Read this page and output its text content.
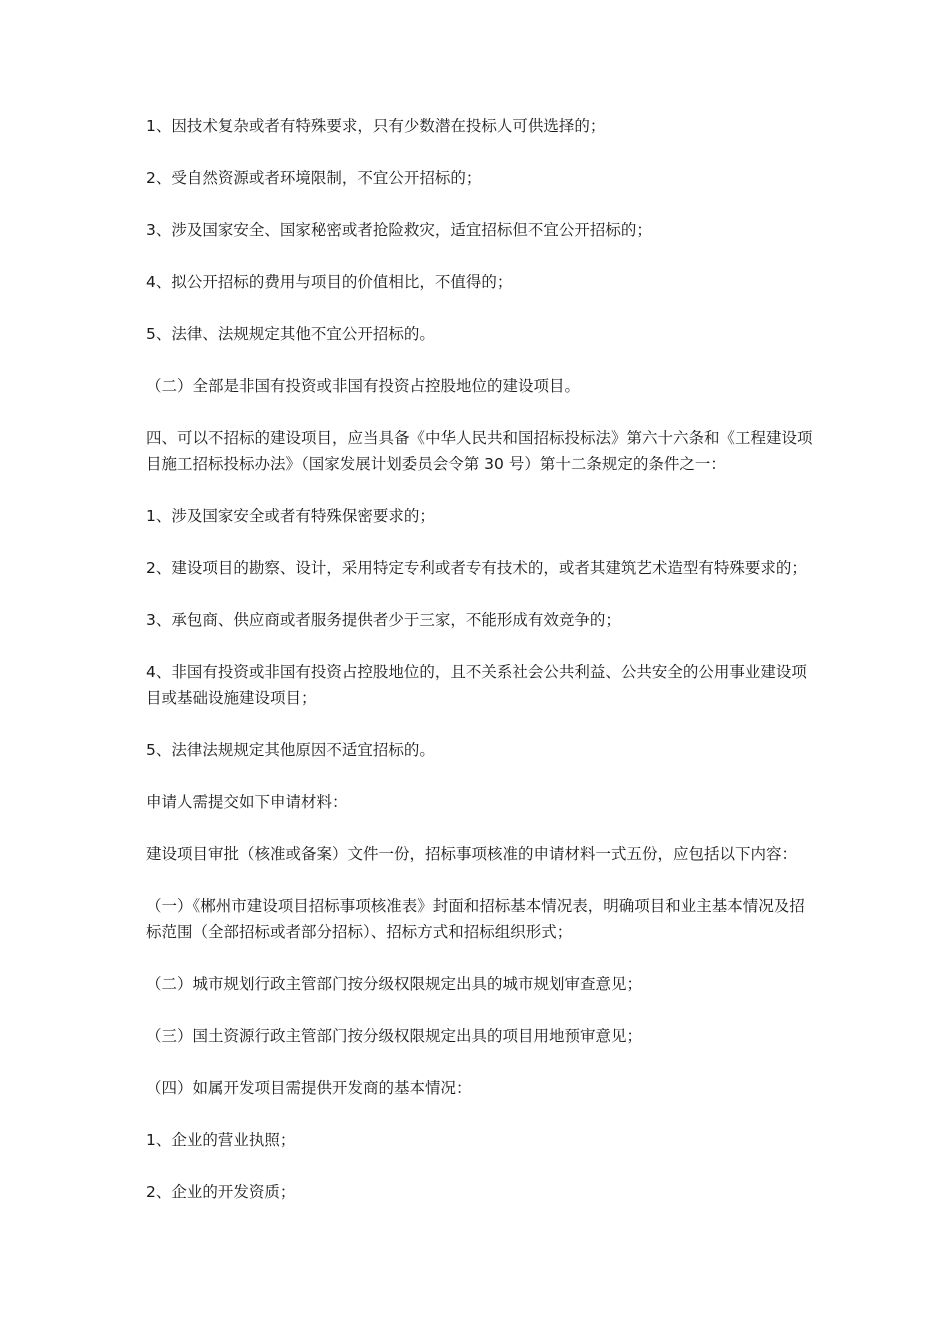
1、因技术复杂或者有特殊要求，只有少数潜在投标人可供选择的；

2、受自然资源或者环境限制，不宜公开招标的；

3、涉及国家安全、国家秘密或者抢险救灾，适宜招标但不宜公开招标的；

4、拟公开招标的费用与项目的价值相比，不值得的；

5、法律、法规规定其他不宜公开招标的。

（二）全部是非国有投资或非国有投资占控股地位的建设项目。

四、可以不招标的建设项目，应当具备《中华人民共和国招标投标法》第六十六条和《工程建设项目施工招标投标办法》（国家发展计划委员会令第 30 号）第十二条规定的条件之一：

1、涉及国家安全或者有特殊保密要求的；

2、建设项目的勘察、设计，采用特定专利或者专有技术的，或者其建筑艺术造型有特殊要求的；

3、承包商、供应商或者服务提供者少于三家，不能形成有效竞争的；

4、非国有投资或非国有投资占控股地位的，且不关系社会公共利益、公共安全的公用事业建设项目或基础设施建设项目；

5、法律法规规定其他原因不适宜招标的。

申请人需提交如下申请材料：

建设项目审批（核准或备案）文件一份，招标事项核准的申请材料一式五份，应包括以下内容：

（一）《郴州市建设项目招标事项核准表》封面和招标基本情况表，明确项目和业主基本情况及招标范围（全部招标或者部分招标）、招标方式和招标组织形式；

（二）城市规划行政主管部门按分级权限规定出具的城市规划审查意见；

（三）国土资源行政主管部门按分级权限规定出具的项目用地预审意见；

（四）如属开发项目需提供开发商的基本情况：

1、企业的营业执照；

2、企业的开发资质；
